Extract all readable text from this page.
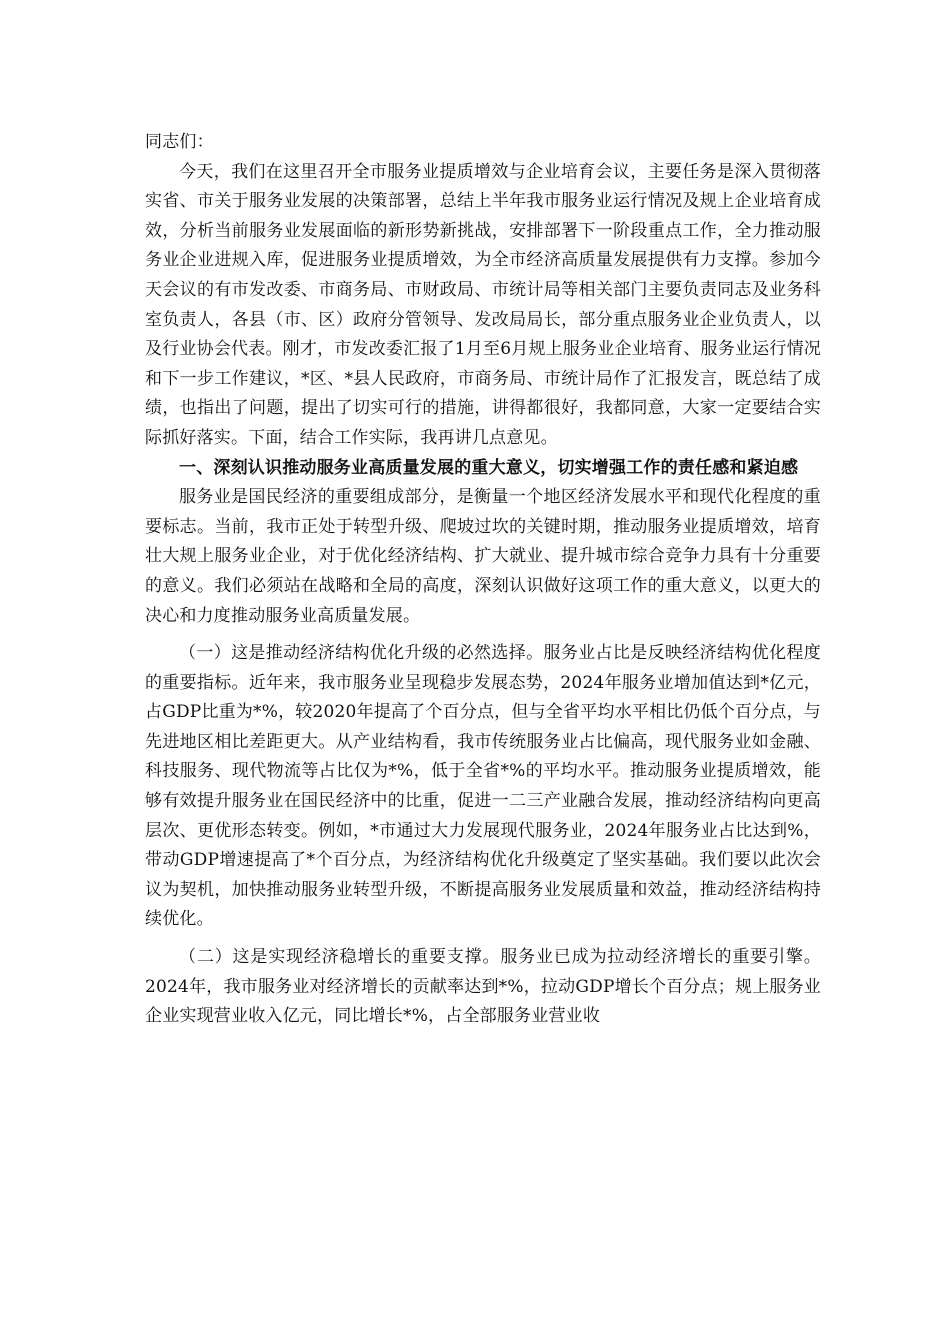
同志们：

今天，我们在这里召开全市服务业提质增效与企业培育会议，主要任务是深入贯彻落实省、市关于服务业发展的决策部署，总结上半年我市服务业运行情况及规上企业培育成效，分析当前服务业发展面临的新形势新挑战，安排部署下一阶段重点工作，全力推动服务业企业进规入库，促进服务业提质增效，为全市经济高质量发展提供有力支撑。参加今天会议的有市发改委、市商务局、市财政局、市统计局等相关部门主要负责同志及业务科室负责人，各县（市、区）政府分管领导、发改局局长，部分重点服务业企业负责人，以及行业协会代表。刚才，市发改委汇报了1月至6月规上服务业企业培育、服务业运行情况和下一步工作建议，*区、*县人民政府，市商务局、市统计局作了汇报发言，既总结了成绩，也指出了问题，提出了切实可行的措施，讲得都很好，我都同意，大家一定要结合实际抓好落实。下面，结合工作实际，我再讲几点意见。

一、深刻认识推动服务业高质量发展的重大意义，切实增强工作的责任感和紧迫感

服务业是国民经济的重要组成部分，是衡量一个地区经济发展水平和现代化程度的重要标志。当前，我市正处于转型升级、爬坡过坎的关键时期，推动服务业提质增效，培育壮大规上服务业企业，对于优化经济结构、扩大就业、提升城市综合竞争力具有十分重要的意义。我们必须站在战略和全局的高度，深刻认识做好这项工作的重大意义，以更大的决心和力度推动服务业高质量发展。

（一）这是推动经济结构优化升级的必然选择。服务业占比是反映经济结构优化程度的重要指标。近年来，我市服务业呈现稳步发展态势，2024年服务业增加值达到*亿元，占GDP比重为*%，较2020年提高了个百分点，但与全省平均水平相比仍低个百分点，与先进地区相比差距更大。从产业结构看，我市传统服务业占比偏高，现代服务业如金融、科技服务、现代物流等占比仅为*%，低于全省*%的平均水平。推动服务业提质增效，能够有效提升服务业在国民经济中的比重，促进一二三产业融合发展，推动经济结构向更高层次、更优形态转变。例如，*市通过大力发展现代服务业，2024年服务业占比达到%，带动GDP增速提高了*个百分点，为经济结构优化升级奠定了坚实基础。我们要以此次会议为契机，加快推动服务业转型升级，不断提高服务业发展质量和效益，推动经济结构持续优化。

（二）这是实现经济稳增长的重要支撑。服务业已成为拉动经济增长的重要引擎。2024年，我市服务业对经济增长的贡献率达到*%，拉动GDP增长个百分点；规上服务业企业实现营业收入亿元，同比增长*%，占全部服务业营业收
